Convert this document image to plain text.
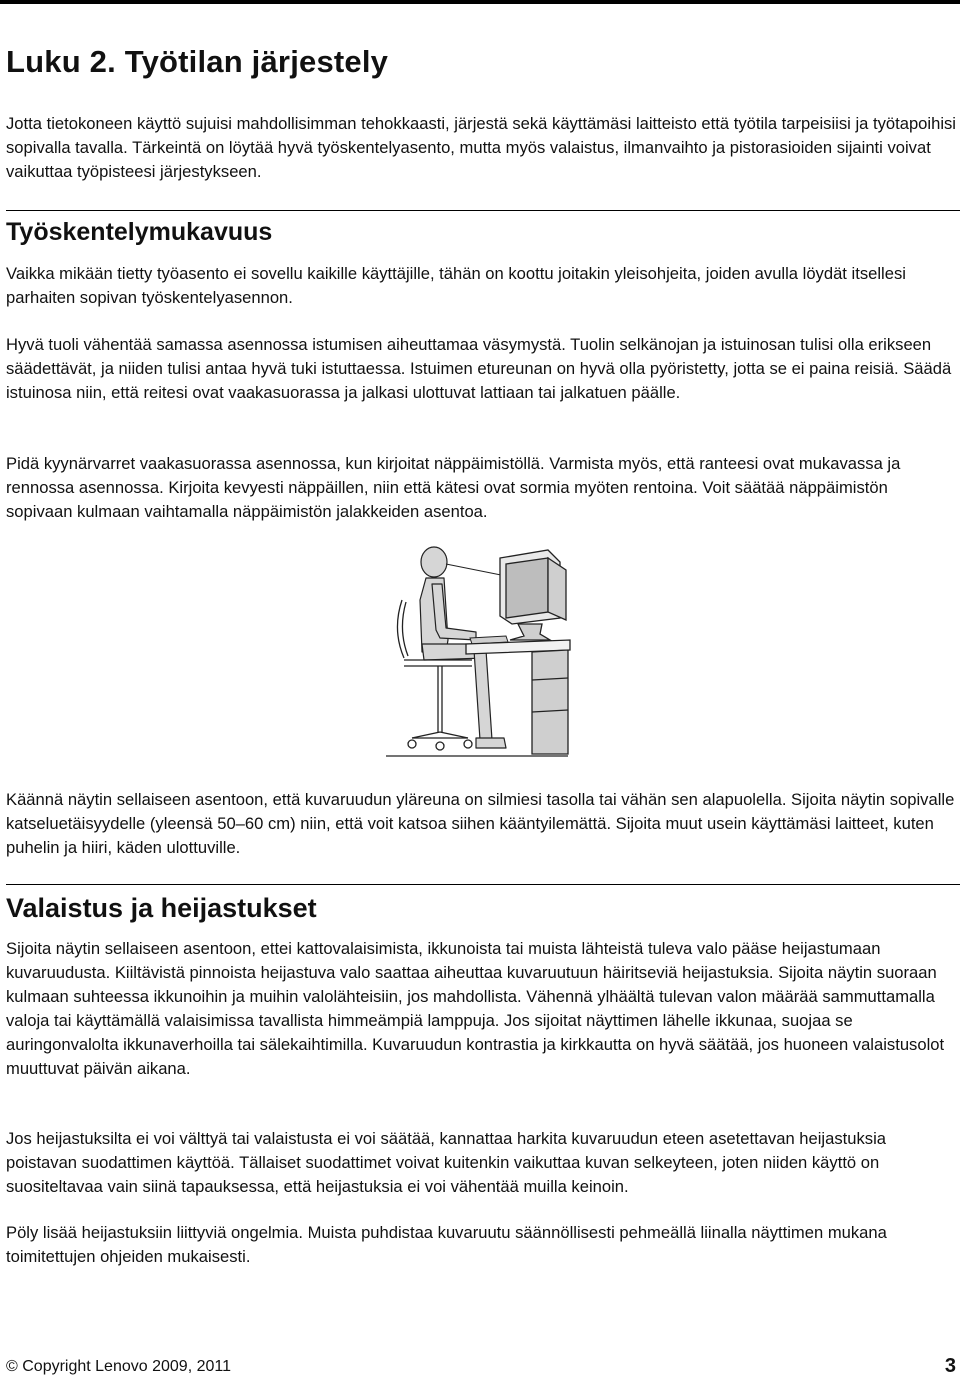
Luku 2. Työtilan järjestely

Jotta tietokoneen käyttö sujuisi mahdollisimman tehokkaasti, järjestä sekä käyttämäsi laitteisto että työtila tarpeisiisi ja työtapoihisi sopivalla tavalla. Tärkeintä on löytää hyvä työskentelyasento, mutta myös valaistus, ilmanvaihto ja pistorasioiden sijainti voivat vaikuttaa työpisteesi järjestykseen.

Työskentelymukavuus

Vaikka mikään tietty työasento ei sovellu kaikille käyttäjille, tähän on koottu joitakin yleisohjeita, joiden avulla löydät itsellesi parhaiten sopivan työskentelyasennon.

Hyvä tuoli vähentää samassa asennossa istumisen aiheuttamaa väsymystä. Tuolin selkänojan ja istuinosan tulisi olla erikseen säädettävät, ja niiden tulisi antaa hyvä tuki istuttaessa. Istuimen etureunan on hyvä olla pyöristetty, jotta se ei paina reisiä. Säädä istuinosa niin, että reitesi ovat vaakasuorassa ja jalkasi ulottuvat lattiaan tai jalkatuen päälle.

Pidä kyynärvarret vaakasuorassa asennossa, kun kirjoitat näppäimistöllä. Varmista myös, että ranteesi ovat mukavassa ja rennossa asennossa. Kirjoita kevyesti näppäillen, niin että kätesi ovat sormia myöten rentoina. Voit säätää näppäimistön sopivaan kulmaan vaihtamalla näppäimistön jalakkeiden asentoa.

Käännä näytin sellaiseen asentoon, että kuvaruudun yläreuna on silmiesi tasolla tai vähän sen alapuolella. Sijoita näytin sopivalle katseluetäisyydelle (yleensä 50–60 cm) niin, että voit katsoa siihen kääntyilemättä. Sijoita muut usein käyttämäsi laitteet, kuten puhelin ja hiiri, käden ulottuville.

Valaistus ja heijastukset

Sijoita näytin sellaiseen asentoon, ettei kattovalaisimista, ikkunoista tai muista lähteistä tuleva valo pääse heijastumaan kuvaruudusta. Kiiltävistä pinnoista heijastuva valo saattaa aiheuttaa kuvaruutuun häiritseviä heijastuksia. Sijoita näytin suoraan kulmaan suhteessa ikkunoihin ja muihin valolähteisiin, jos mahdollista. Vähennä ylhäältä tulevan valon määrää sammuttamalla valoja tai käyttämällä valaisimissa tavallista himmeämpiä lamppuja. Jos sijoitat näyttimen lähelle ikkunaa, suojaa se auringonvalolta ikkunaverhoilla tai sälekaihtimilla. Kuvaruudun kontrastia ja kirkkautta on hyvä säätää, jos huoneen valaistusolot muuttuvat päivän aikana.

Jos heijastuksilta ei voi välttyä tai valaistusta ei voi säätää, kannattaa harkita kuvaruudun eteen asetettavan heijastuksia poistavan suodattimen käyttöä. Tällaiset suodattimet voivat kuitenkin vaikuttaa kuvan selkeyteen, joten niiden käyttö on suositeltavaa vain siinä tapauksessa, että heijastuksia ei voi vähentää muilla keinoin.

Pöly lisää heijastuksiin liittyviä ongelmia. Muista puhdistaa kuvaruutu säännöllisesti pehmeällä liinalla näyttimen mukana toimitettujen ohjeiden mukaisesti.

© Copyright Lenovo 2009, 2011	3
